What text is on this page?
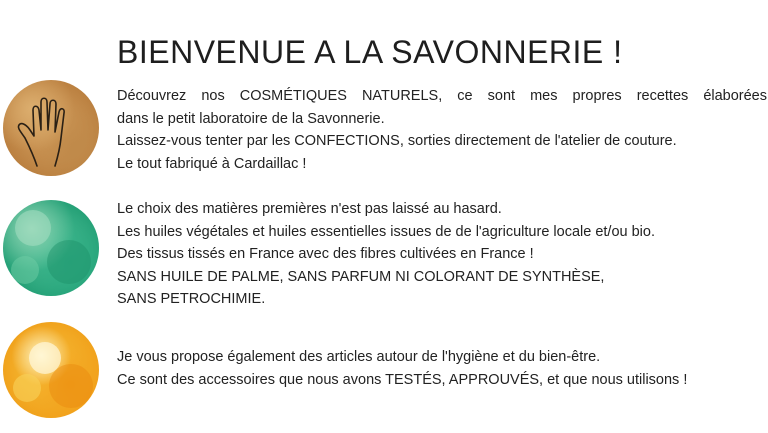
BIENVENUE A LA SAVONNERIE !
Découvrez nos COSMÉTIQUES NATURELS, ce sont mes propres recettes élaborées
dans le petit laboratoire de la Savonnerie.
Laissez-vous tenter par les CONFECTIONS, sorties directement de l'atelier de couture.
Le tout fabriqué à Cardaillac !
Le choix des matières premières n'est pas laissé au hasard.
Les huiles végétales et huiles essentielles issues de de l'agriculture locale et/ou bio.
Des tissus tissés en France avec des fibres cultivées en France !
SANS HUILE DE PALME, SANS PARFUM NI COLORANT DE SYNTHÈSE,
SANS PETROCHIMIE.
Je vous propose également des articles autour de l'hygiène et du bien-être.
Ce sont des accessoires que nous avons TESTÉS, APPROUVÉS, et que nous utilisons !
